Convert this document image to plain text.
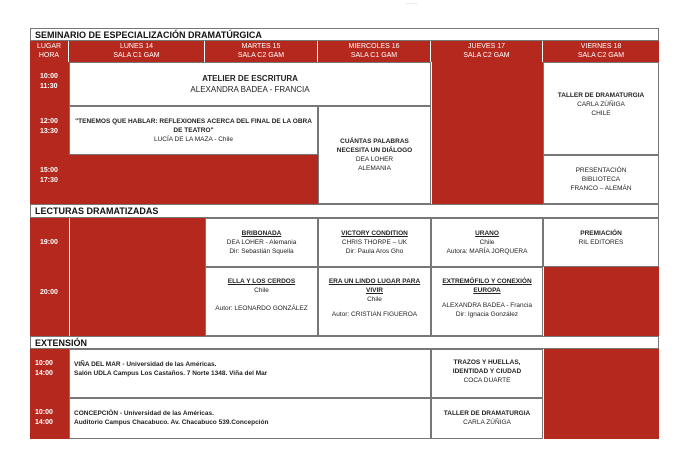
........
SEMINARIO DE ESPECIALIZACIÓN DRAMATÚRGICA
LUGAR
HORA
LUNES 14
SALA C1 GAM
MARTES 15
SALA C2 GAM
MIERCOLES 16
SALA C1 GAM
JUEVES 17
SALA C2 GAM
VIERNES 18
SALA C2 GAM
10:00
11:30
12:00
13:30
15:00
17:30
ATELIER DE ESCRITURA
ALEXANDRA BADEA - FRANCIA
TALLER DE DRAMATURGIA
CARLA ZÚÑIGA
CHILE
"TENEMOS QUE HABLAR: REFLEXIONES ACERCA DEL FINAL DE LA OBRA DE TEATRO"
LUCÍA DE LA MAZA - Chile	CUÁNTAS PALABRAS
NECESITA UN DIÁLOGO
DEA LOHER
ALEMANIA	PRESENTACIÓN
BIBLIOTECA
FRANCO – ALEMÁN
LECTURAS DRAMATIZADAS
19:00
20:00
BRIBONADA
DEA LOHER - Alemania
Dir: Sebastián Squella
VICTORY CONDITION
CHRIS THORPE – UK
Dir: Paula Aros Gho
URANO
Chile
Autora: MARÍA JORQUERA
PREMIACIÓN
RIL EDITORES
ELLA Y LOS CERDOS
Chile
Autor: LEONARDO GONZÁLEZ
ERA UN LINDO LUGAR PARA
VIVIR
Chile
Autor: CRISTIAN FIGUEROA
EXTREMÓFILO Y CONEXIÓN
EUROPA
ALEXANDRA BADEA - Francia
Dir: Ignacia González
EXTENSIÓN
10:00
14:00
10:00
14:00
VIÑA DEL MAR - Universidad de las Américas.
Salón UDLA Campus Los Castaños. 7 Norte 1348. Viña del Mar
TRAZOS Y HUELLAS,
IDENTIDAD Y CIUDAD
COCA DUARTE
CONCEPCIÓN - Universidad de las Américas.
Auditorio Campus Chacabuco. Av. Chacabuco 539.Concepción
TALLER DE DRAMATURGIA
CARLA ZÚÑIGA
